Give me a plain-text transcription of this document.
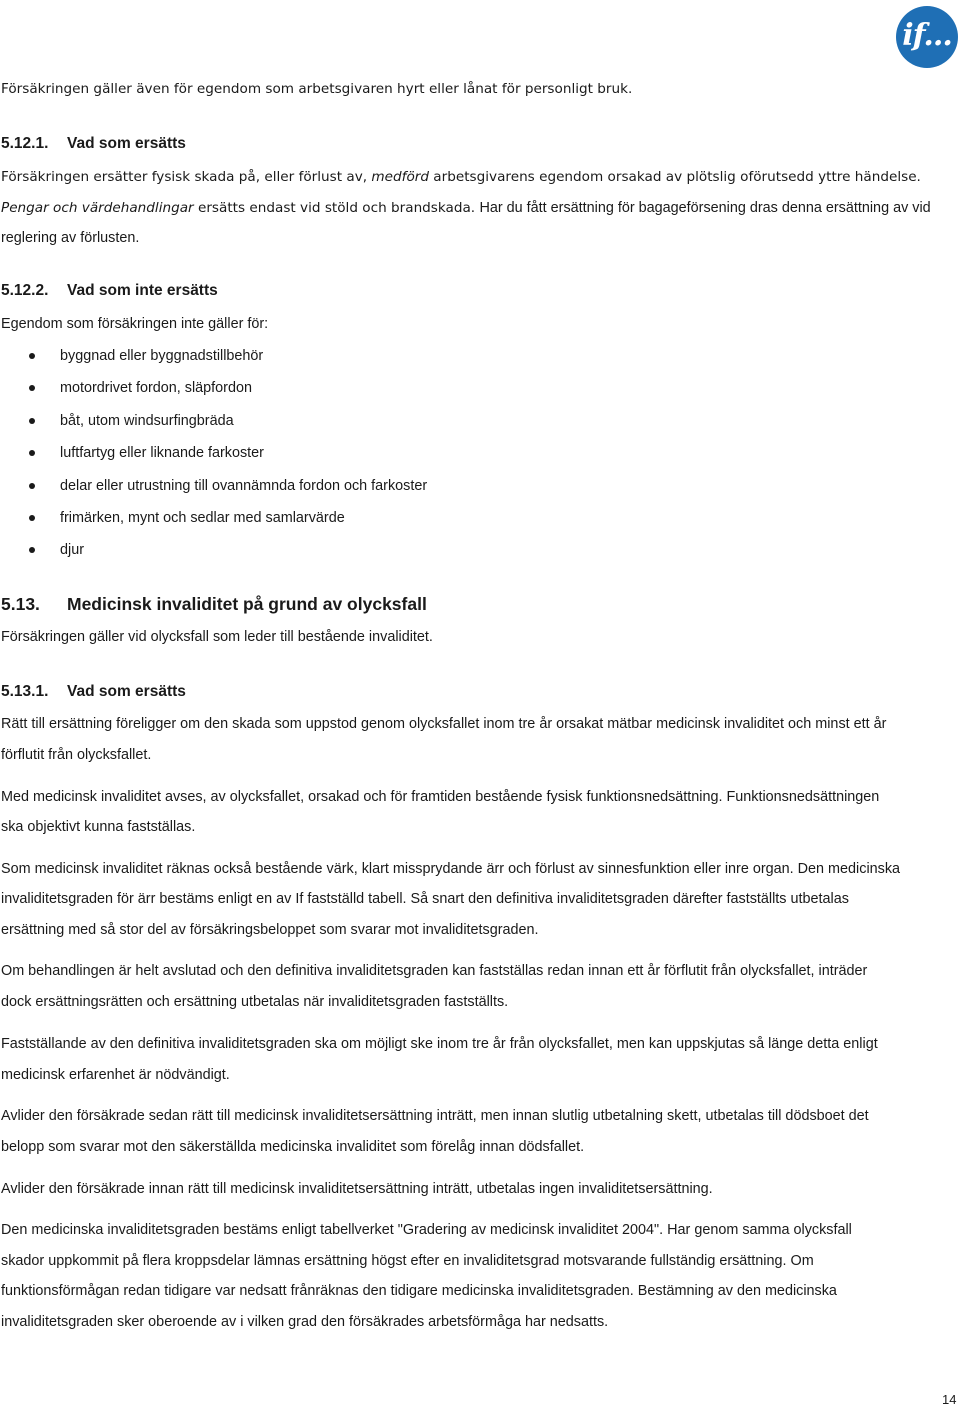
if...
Försäkringen gäller även för egendom som arbetsgivaren hyrt eller lånat för personligt bruk.
5.12.1. Vad som ersätts
Försäkringen ersätter fysisk skada på, eller förlust av, medförd arbetsgivarens egendom orsakad av plötslig oförutsedd yttre händelse.
Pengar och värdehandlingar ersätts endast vid stöld och brandskada. Har du fått ersättning för bagageförsening dras denna ersättning av vid
reglering av förlusten.
5.12.2. Vad som inte ersätts
Egendom som försäkringen inte gäller för:
byggnad eller byggnadstillbehör
motordrivet fordon, släpfordon
båt, utom windsurfingbräda
luftfartyg eller liknande farkoster
delar eller utrustning till ovannämnda fordon och farkoster
frimärken, mynt och sedlar med samlarvärde
djur
5.13. Medicinsk invaliditet på grund av olycksfall
Försäkringen gäller vid olycksfall som leder till bestående invaliditet.
5.13.1. Vad som ersätts
Rätt till ersättning föreligger om den skada som uppstod genom olycksfallet inom tre år orsakat mätbar medicinsk invaliditet och minst ett år
förflutit från olycksfallet.
Med medicinsk invaliditet avses, av olycksfallet, orsakad och för framtiden bestående fysisk funktionsnedsättning. Funktionsnedsättningen
ska objektivt kunna fastställas.
Som medicinsk invaliditet räknas också bestående värk, klart missprydande ärr och förlust av sinnesfunktion eller inre organ. Den medicinska
invaliditetsgraden för ärr bestäms enligt en av If fastställd tabell. Så snart den definitiva invaliditetsgraden därefter fastställts utbetalas
ersättning med så stor del av försäkringsbeloppet som svarar mot invaliditetsgraden.
Om behandlingen är helt avslutad och den definitiva invaliditetsgraden kan fastställas redan innan ett år förflutit från olycksfallet, inträder
dock ersättningsrätten och ersättning utbetalas när invaliditetsgraden fastställts.
Fastställande av den definitiva invaliditetsgraden ska om möjligt ske inom tre år från olycksfallet, men kan uppskjutas så länge detta enligt
medicinsk erfarenhet är nödvändigt.
Avlider den försäkrade sedan rätt till medicinsk invaliditetsersättning inträtt, men innan slutlig utbetalning skett, utbetalas till dödsboet det
belopp som svarar mot den säkerställda medicinska invaliditet som förelåg innan dödsfallet.
Avlider den försäkrade innan rätt till medicinsk invaliditetsersättning inträtt, utbetalas ingen invaliditetsersättning.
Den medicinska invaliditetsgraden bestäms enligt tabellverket "Gradering av medicinsk invaliditet 2004". Har genom samma olycksfall
skador uppkommit på flera kroppsdelar lämnas ersättning högst efter en invaliditetsgrad motsvarande fullständig ersättning. Om
funktionsförmågan redan tidigare var nedsatt frånräknas den tidigare medicinska invaliditetsgraden. Bestämning av den medicinska
invaliditetsgraden sker oberoende av i vilken grad den försäkrades arbetsförmåga har nedsatts.
14
